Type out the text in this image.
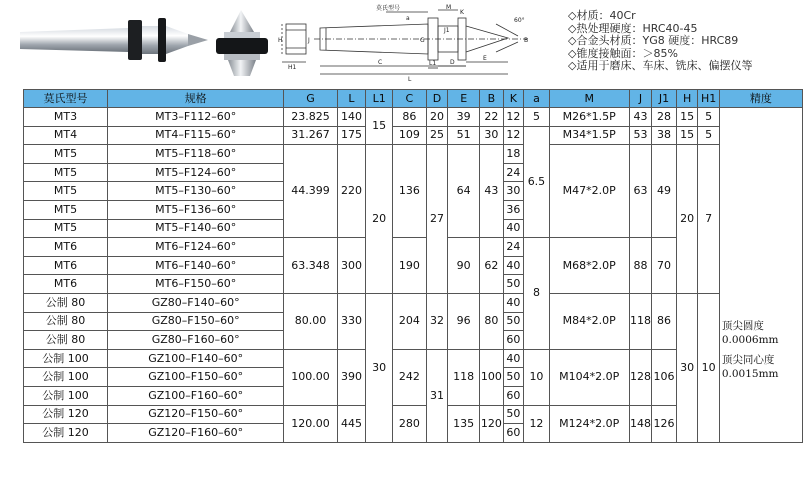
莫氏型号	M
60°
H	J
H1
G
C
L
L1 D
E
B
J1
K
a	◇材质：40Cr
◇热处理硬度：HRC40-45
◇合金头材质：YG8 硬度：HRC89
◇锥度接触面：＞85%
◇适用于磨床、车床、铣床、偏摆仪等
莫氏型号	规格	G	L	L1	C	D	E	B	K	a	M	J	J1	H	H1	精度
MT3	MT3–F112–60°	23.825	140	15	86	20	39	22	12	5	M26*1.5P	43	28	15	5	顶尖圆度
0.0006mm
顶尖同心度
0.0015mm

MT4	MT4–F115–60°	31.267	175		109	25	51	30	12	6.5	M34*1.5P	53	38	15	5	
MT5	MT5–F118–60°	44.399	220	20	136	27	64	43	18		M47*2.0P	63	49	20	7	
MT5	MT5–F124–60°								24							
MT5	MT5–F130–60°								30							
MT5	MT5–F136–60°								36							
MT5	MT5–F140–60°								40							
MT6	MT6–F124–60°	63.348	300		190		90	62	24	8	M68*2.0P	88	70			
MT6	MT6–F140–60°								40							
MT6	MT6–F150–60°								50							
公制 80	GZ80–F140–60°	80.00	330	30	204	32	96	80	40		M84*2.0P	118	86	30	10	
公制 80	GZ80–F150–60°								50							
公制 80	GZ80–F160–60°								60							
公制 100	GZ100–F140–60°	100.00	390		242	31	118	100	40	10	M104*2.0P	128	106			
公制 100	GZ100–F150–60°								50							
公制 100	GZ100–F160–60°								60							
公制 120	GZ120–F150–60°	120.00	445		280		135	120	50	12	M124*2.0P	148	126			
公制 120	GZ120–F160–60°								60							
